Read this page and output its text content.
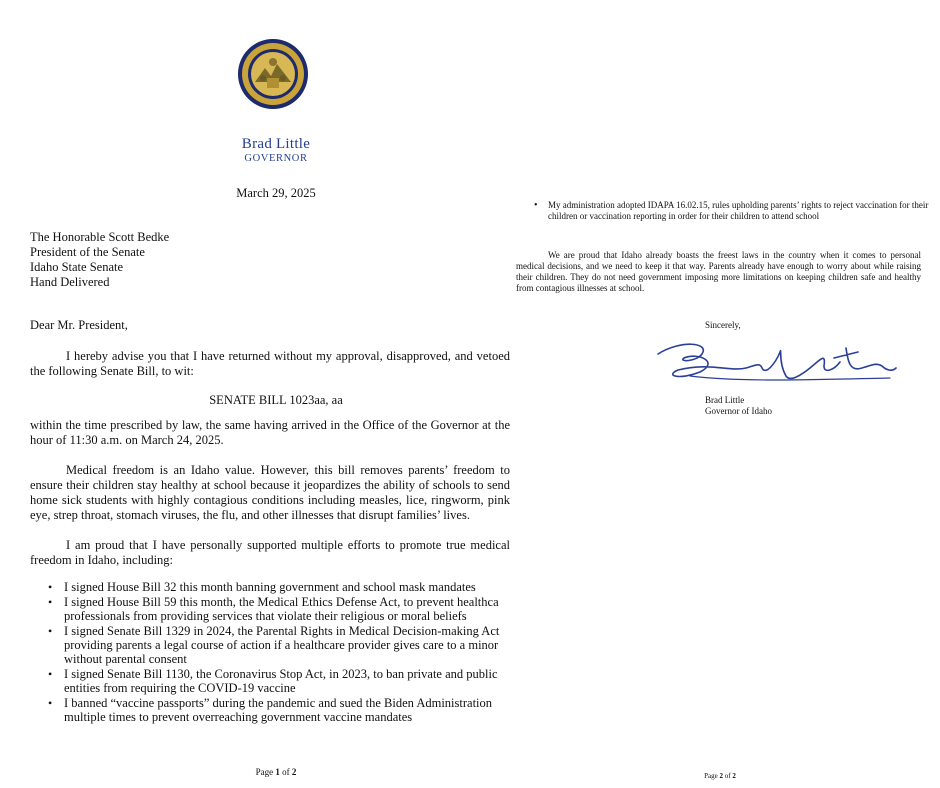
Brad Little
GOVERNOR
March 29, 2025
The Honorable Scott Bedke
President of the Senate
Idaho State Senate
Hand Delivered
Dear Mr. President,

I hereby advise you that I have returned without my approval, disapproved, and vetoed the following Senate Bill, to wit:

SENATE BILL 1023aa, aa

within the time prescribed by law, the same having arrived in the Office of the Governor at the hour of 11:30 a.m. on March 24, 2025.

Medical freedom is an Idaho value. However, this bill removes parents’ freedom to ensure their children stay healthy at school because it jeopardizes the ability of schools to send home sick students with highly contagious conditions including measles, lice, ringworm, pink eye, strep throat, stomach viruses, the flu, and other illnesses that disrupt families’ lives.

I am proud that I have personally supported multiple efforts to promote true medical freedom in Idaho, including:

• I signed House Bill 32 this month banning government and school mask mandates
• I signed House Bill 59 this month, the Medical Ethics Defense Act, to prevent healthca professionals from providing services that violate their religious or moral beliefs
• I signed Senate Bill 1329 in 2024, the Parental Rights in Medical Decision-making Act providing parents a legal course of action if a healthcare provider gives care to a minor without parental consent
• I signed Senate Bill 1130, the Coronavirus Stop Act, in 2023, to ban private and public entities from requiring the COVID-19 vaccine
• I banned “vaccine passports” during the pandemic and sued the Biden Administration multiple times to prevent overreaching government vaccine mandates
Page 1 of 2
• My administration adopted IDAPA 16.02.15, rules upholding parents’ rights to reject vaccination for their children or vaccination reporting in order for their children to attend school

We are proud that Idaho already boasts the freest laws in the country when it comes to personal medical decisions, and we need to keep it that way. Parents already have enough to worry about while raising their children. They do not need government imposing more limitations on keeping children safe and healthy from contagious illnesses at school.

Sincerely,
Brad Little
Governor of Idaho
Page 2 of 2
